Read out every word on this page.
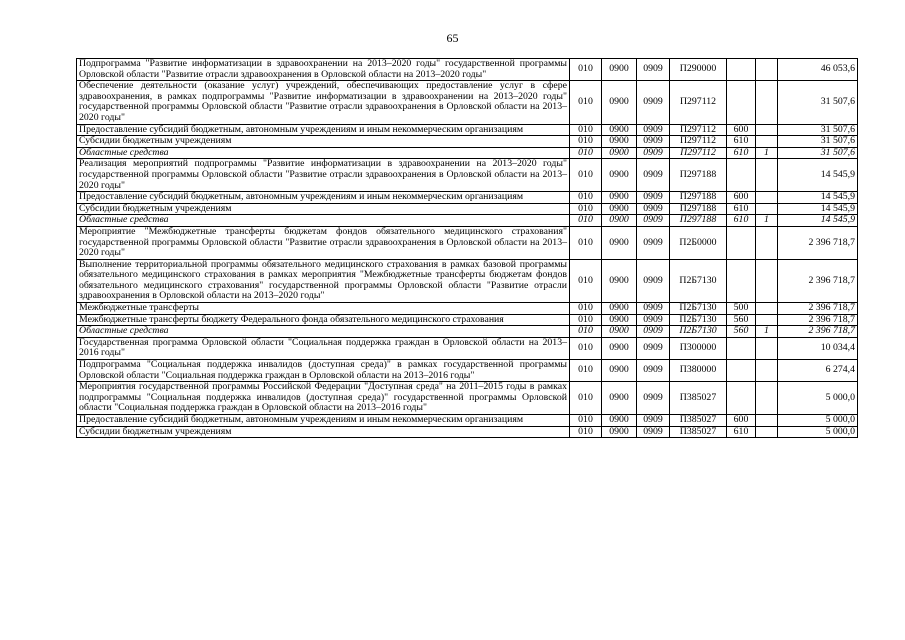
65
Подпрограмма "Развитие информатизации в здравоохранении на 2013–2020 годы" государственной программы Орловской области "Развитие отрасли здравоохранения в Орловской области на 2013–2020 годы"	010	0900	0909	П290000			46 053,6
Обеспечение деятельности (оказание услуг) учреждений, обеспечивающих предоставление услуг в сфере здравоохранения, в рамках подпрограммы "Развитие информатизации в здравоохранении на 2013–2020 годы" государственной программы Орловской области "Развитие отрасли здравоохранения в Орловской области на 2013–2020 годы"	010	0900	0909	П297112			31 507,6
Предоставление субсидий бюджетным, автономным учреждениям и иным некоммерческим организациям	010	0900	0909	П297112	600		31 507,6
Субсидии бюджетным учреждениям	010	0900	0909	П297112	610		31 507,6
Областные средства	010	0900	0909	П297112	610	1	31 507,6
Реализация мероприятий подпрограммы "Развитие информатизации в здравоохранении на 2013–2020 годы" государственной программы Орловской области "Развитие отрасли здравоохранения в Орловской области на 2013–2020 годы"	010	0900	0909	П297188			14 545,9
Предоставление субсидий бюджетным, автономным учреждениям и иным некоммерческим организациям	010	0900	0909	П297188	600		14 545,9
Субсидии бюджетным учреждениям	010	0900	0909	П297188	610		14 545,9
Областные средства	010	0900	0909	П297188	610	1	14 545,9
Мероприятие "Межбюджетные трансферты бюджетам фондов обязательного медицинского страхования" государственной программы Орловской области "Развитие отрасли здравоохранения в Орловской области на 2013–2020 годы"	010	0900	0909	П2Б0000			2 396 718,7
Выполнение территориальной программы обязательного медицинского страхования в рамках базовой программы обязательного медицинского страхования в рамках мероприятия "Межбюджетные трансферты бюджетам фондов обязательного медицинского страхования" государственной программы Орловской области "Развитие отрасли здравоохранения в Орловской области на 2013–2020 годы"	010	0900	0909	П2Б7130			2 396 718,7
Межбюджетные трансферты	010	0900	0909	П2Б7130	500		2 396 718,7
Межбюджетные трансферты бюджету Федерального фонда обязательного медицинского страхования	010	0900	0909	П2Б7130	560		2 396 718,7
Областные средства	010	0900	0909	П2Б7130	560	1	2 396 718,7
Государственная программа Орловской области "Социальная поддержка граждан в Орловской области на 2013–2016 годы"	010	0900	0909	П300000			10 034,4
Подпрограмма "Социальная поддержка инвалидов (доступная среда)" в рамках государственной программы Орловской области "Социальная поддержка граждан в Орловской области на 2013–2016 годы"	010	0900	0909	П380000			6 274,4
Мероприятия государственной программы Российской Федерации "Доступная среда" на 2011–2015 годы в рамках подпрограммы "Социальная поддержка инвалидов (доступная среда)" государственной программы Орловской области "Социальная поддержка граждан в Орловской области на 2013–2016 годы"	010	0900	0909	П385027			5 000,0
Предоставление субсидий бюджетным, автономным учреждениям и иным некоммерческим организациям	010	0900	0909	П385027	600		5 000,0
Субсидии бюджетным учреждениям	010	0900	0909	П385027	610		5 000,0
